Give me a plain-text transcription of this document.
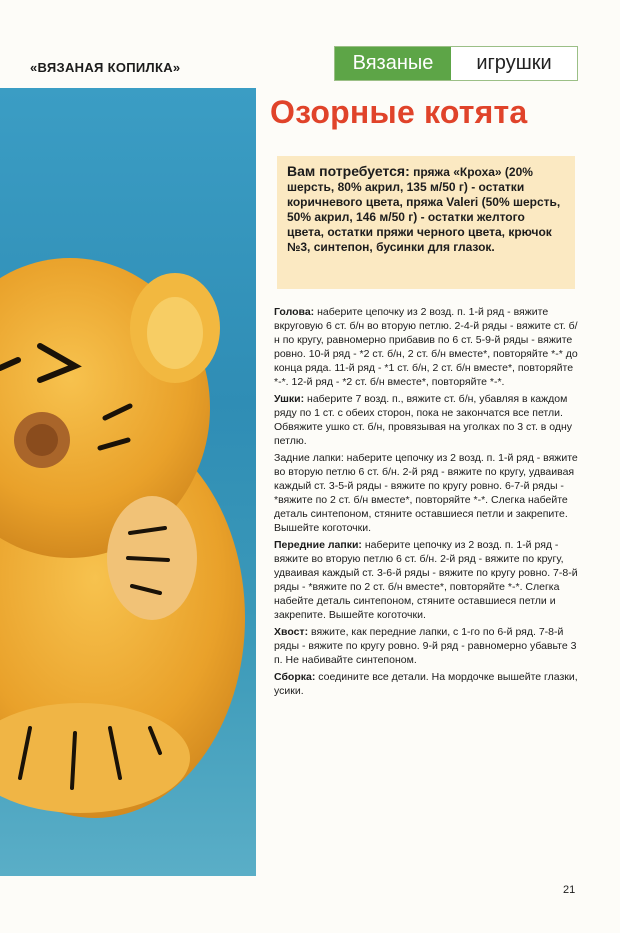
«ВЯЗАНАЯ КОПИЛКА»	Вязаные	игрушки
Озорные котята
Вам потребуется: пряжа «Кроха» (20% шерсть, 80% акрил, 135 м/50 г) - остатки коричневого цвета, пряжа Valeri (50% шерсть, 50% акрил, 146 м/50 г) - остатки желтого цвета, остатки пряжи черного цвета, крючок №3, синтепон, бусинки для глазок.

Голова: наберите цепочку из 2 возд. п. 1-й ряд - вяжите вкруговую 6 ст. б/н во вторую петлю. 2-4-й ряды - вяжите ст. б/н по кругу, равномерно прибавив по 6 ст. 5-9-й ряды - вяжите ровно. 10-й ряд - *2 ст. б/н, 2 ст. б/н вместе*, повторяйте *-* до конца ряда. 11-й ряд - *1 ст. б/н, 2 ст. б/н вместе*, повторяйте *-*. 12-й ряд - *2 ст. б/н вместе*, повторяйте *-*.

Ушки: наберите 7 возд. п., вяжите ст. б/н, убавляя в каждом ряду по 1 ст. с обеих сторон, пока не закончатся все петли. Обвяжите ушко ст. б/н, провязывая на уголках по 3 ст. в одну петлю.

Задние лапки: наберите цепочку из 2 возд. п. 1-й ряд - вяжите во вторую петлю 6 ст. б/н. 2-й ряд - вяжите по кругу, удваивая каждый ст. 3-5-й ряды - вяжите по кругу ровно. 6-7-й ряды - *вяжите по 2 ст. б/н вместе*, повторяйте *-*. Слегка набейте деталь синтепоном, стяните оставшиеся петли и закрепите. Вышейте коготочки.

Передние лапки: наберите цепочку из 2 возд. п. 1-й ряд - вяжите во вторую петлю 6 ст. б/н. 2-й ряд - вяжите по кругу, удваивая каждый ст. 3-6-й ряды - вяжите по кругу ровно. 7-8-й ряды - *вяжите по 2 ст. б/н вместе*, повторяйте *-*. Слегка набейте деталь синтепоном, стяните оставшиеся петли и закрепите. Вышейте коготочки.

Хвост: вяжите, как передние лапки, с 1-го по 6-й ряд. 7-8-й ряды - вяжите по кругу ровно. 9-й ряд - равномерно убавьте 3 п. Не набивайте синтепоном.

Сборка: соедините все детали. На мордочке вышейте глазки, усики.

21
